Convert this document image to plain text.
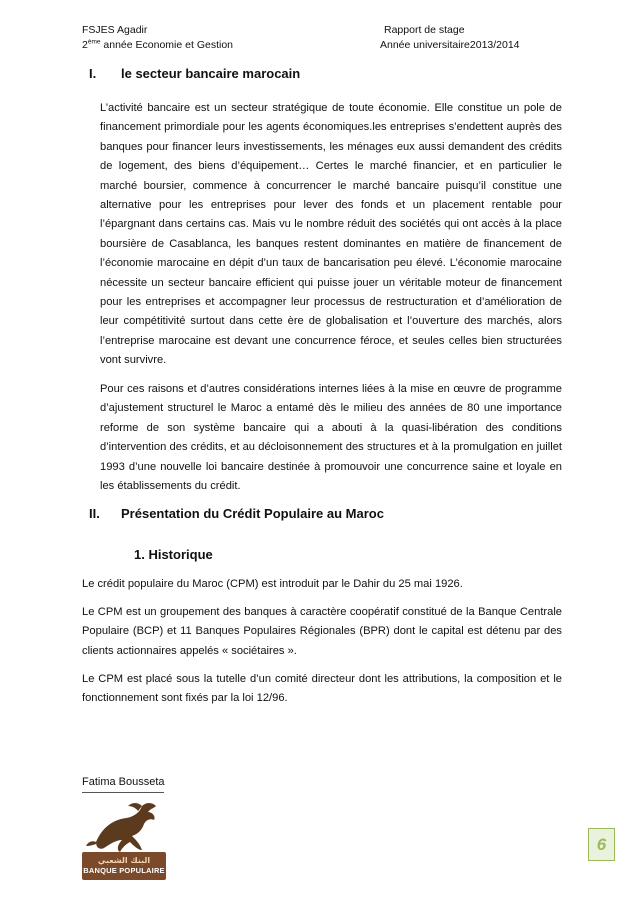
FSJES Agadir
2ème année Economie et Gestion
Rapport de stage
Année universitaire2013/2014
I. le secteur bancaire marocain

L’activité bancaire est un secteur stratégique de toute économie. Elle constitue un pole de financement primordiale pour les agents économiques.les entreprises s’endettent auprès des banques pour financer leurs investissements, les ménages eux aussi demandent des crédits de logement, des biens d’équipement… Certes le marché financier, et en particulier le marché boursier, commence à concurrencer le marché bancaire puisqu’il constitue une alternative pour les entreprises pour lever des fonds et un placement rentable pour l’épargnant dans certains cas. Mais vu le nombre réduit des sociétés qui ont accès à la place boursière de Casablanca, les banques restent dominantes en matière de financement de l’économie marocaine en dépit d’un taux de bancarisation peu élevé. L’économie marocaine nécessite un secteur bancaire efficient qui puisse jouer un véritable moteur de financement pour les entreprises et accompagner leur processus de restructuration et d’amélioration de leur compétitivité surtout dans cette ère de globalisation et l’ouverture des marchés, alors l’entreprise marocaine est devant une concurrence féroce, et seules celles bien structurées vont survivre.

Pour ces raisons et d’autres considérations internes liées à la mise en œuvre de programme d’ajustement structurel le Maroc a entamé dès le milieu des années de 80 une importance reforme de son système bancaire qui a abouti à la quasi-libération des conditions d’intervention des crédits, et au décloisonnement des structures et à la promulgation en juillet 1993 d’une nouvelle loi bancaire destinée à promouvoir une concurrence saine et loyale en les établissements du crédit.

II. Présentation du Crédit Populaire au Maroc
1. Historique

Le crédit populaire du Maroc (CPM) est introduit par le Dahir du 25 mai 1926.

Le CPM est un groupement des banques à caractère coopératif constitué de la Banque Centrale Populaire (BCP) et 11 Banques Populaires Régionales (BPR) dont le capital est détenu par des clients actionnaires appelés « sociétaires ».

Le CPM est placé sous la tutelle d’un comité directeur dont les attributions, la composition et le fonctionnement sont fixés par la loi 12/96.

Fatima Bousseta
البنك الشعبي
BANQUE POPULAIRE
6
